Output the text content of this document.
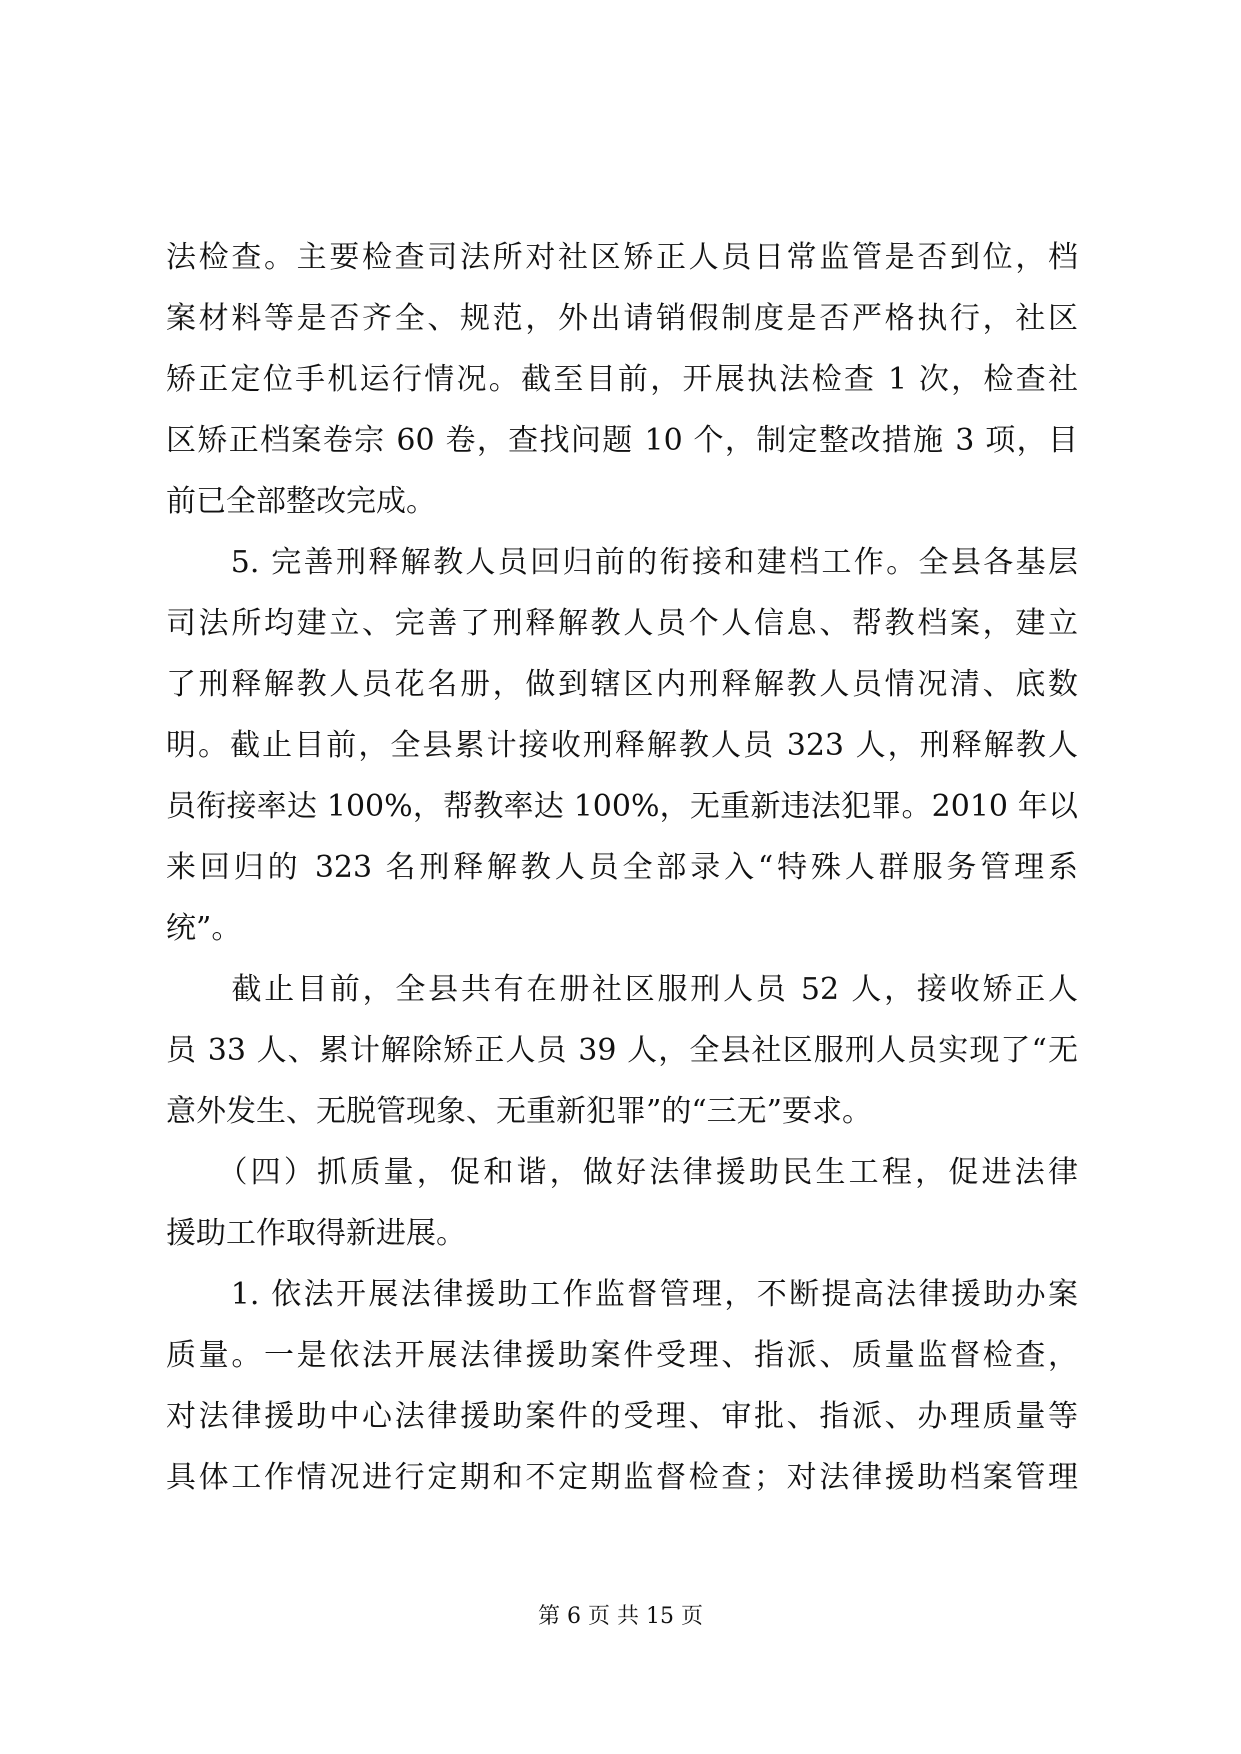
法检查。主要检查司法所对社区矫正人员日常监管是否到位，档
案材料等是否齐全、规范，外出请销假制度是否严格执行，社区
矫正定位手机运行情况。截至目前，开展执法检查 1 次，检查社
区矫正档案卷宗 60 卷，查找问题 10 个，制定整改措施 3 项，目
前已全部整改完成。
　　5. 完善刑释解教人员回归前的衔接和建档工作。全县各基层
司法所均建立、完善了刑释解教人员个人信息、帮教档案，建立
了刑释解教人员花名册，做到辖区内刑释解教人员情况清、底数
明。截止目前，全县累计接收刑释解教人员 323 人，刑释解教人
员衔接率达 100%，帮教率达 100%，无重新违法犯罪。2010 年以
来回归的 323 名刑释解教人员全部录入“特殊人群服务管理系
统”。
　　截止目前，全县共有在册社区服刑人员 52 人，接收矫正人
员 33 人、累计解除矫正人员 39 人，全县社区服刑人员实现了“无
意外发生、无脱管现象、无重新犯罪”的“三无”要求。
　　（四）抓质量，促和谐，做好法律援助民生工程，促进法律
援助工作取得新进展。
　　1. 依法开展法律援助工作监督管理，不断提高法律援助办案
质量。一是依法开展法律援助案件受理、指派、质量监督检查，
对法律援助中心法律援助案件的受理、审批、指派、办理质量等
具体工作情况进行定期和不定期监督检查；对法律援助档案管理
第 6 页 共 15 页
